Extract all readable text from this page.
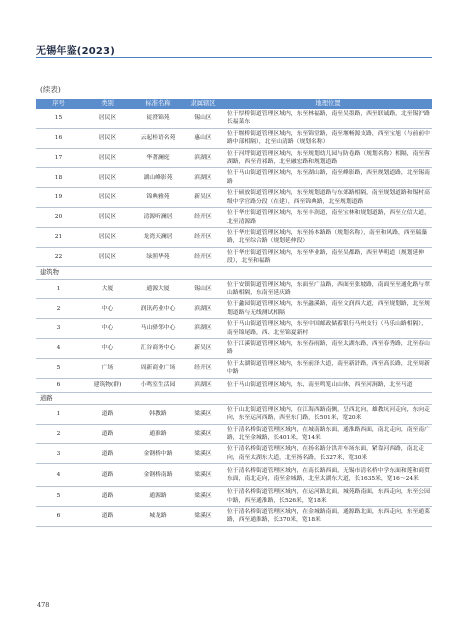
无锡年鉴(2023)
(续表)
序号	类别	标准名称	隶属辖区	地理位置
15	居民区	徒澄锦苑	锡山区	位于厚桥街道管理区域内，东至林福路，南至吴墨路，西至联诚路，北至锡沪路长福菜东
16	居民区	云起桂语名苑	惠山区	位于堰桥街道管理区域内，东至锦堂路，南至堰畅源支路，西至宝旭（与前前中路中部相隔），北至山清路（规划名称）
17	居民区	华著澜庭	滨湖区	位于河埒街道管理区域内，东至规划幼儿园与防卷路（规划名称）相隔，南至蓉湖路，西至青祁路，北至融宏路和规划道路
18	居民区	湖山峰影苑	滨湖区	位于马山街道管理区域内，东至湖山路，南至峰影路，西至规划道路，北至锡南路
19	居民区	锦典雅苑	新吴区	位于硕放街道管理区域内，东至规划道路与东郊路相隔，南至规划道路和锡村高级中学官路分段（在建），西至锦典路，北至规划道路
20	居民区	清源听澜居	经开区	位于华庄街道管理区域内，东至丰润道，南至宝林和规划道路，西至立信大道，北至清源路
21	居民区	龙湾天澜居	经开区	位于华庄街道管理区域内，东至扬本路路（规划名称），南至和风路，西至瑞藻路，北至综合路（规划延伸段）
22	居民区	绿照华苑	经开区	位于华庄街道管理区域内，东至华业路，南至吴都路，西至华明道（规划延伸段），北至和福路
建筑物				
1	大厦	通源大厦	锡山区	位于安镇街道管理区域内，东面至广益路，西面至张坡路，南面至至通化路与翠山路相隔，东南至延庆路
2	中心	润讯药业中心	滨湖区	位于蠡园街道管理区域内，东至蠡溪路，南至文润西大道，西至规划路，北至规划道路与无线测试相隔
3	中心	马山驿邻中心	滨湖区	位于马山街道管理区域内，东至中国邮政储蓄银行马州支行（马乐山路相隔），南至锦尾路，西、北至锦夏新村
4	中心	汇谷商务中心	新吴区	位于江溪街道管理区域内，东至春雨路，南至太湖东路，西至春秀路，北至春山路
5	广场	周新商业广场	经开区	位于太湖街道管理区域内，东至前泽大道，南至新浒路，西至高长路，北至周新中路
6	建筑物(群)	小鸣室生活园	滨湖区	位于马山街道管理区域内，东、南至鸣笼山山体，西至河涧路，北至马道
道路				
1	道路	韩教路	梁溪区	位于山北街道管理区域内，在江海西路南侧，呈西北向，雄教坑河走向，东向走向，东至运河西路，西至东门路，长501米，宽20米
2	道路	通淮路	梁溪区	位于清名桥街道管理区域内，在城南路东面，通淮路西面，南北走向，南至南广路，北至金城路，长401米，宽14米
3	道路	金钢桥中路	梁溪区	位于清名桥街道管理区域内，在扬名路分洪并车场东面，紧靠河西路，南北走向，南至太湖东大道，北至扬名路，长327米，宽30米
4	道路	金钢桥南路	梁溪区	位于清名桥街道管理区域内，在南长路西面，无锡市清名桥中学东面和莲和商贸东面，南北走向，南至金城路，北至太湖东大道，长1635米，宽16～24米
5	道路	通源路	梁溪区	位于清名桥街道管理区域内，在运河路北面，城苑路南面，东西走向，东至公园中路，西至通淮路，长526米，宽18米
6	道路	城龙路	梁溪区	位于清名桥街道管理区域内，在金城路南面，通源路北面，东西走向，东至通莱路，西至通淮路，长370米，宽18米
478
